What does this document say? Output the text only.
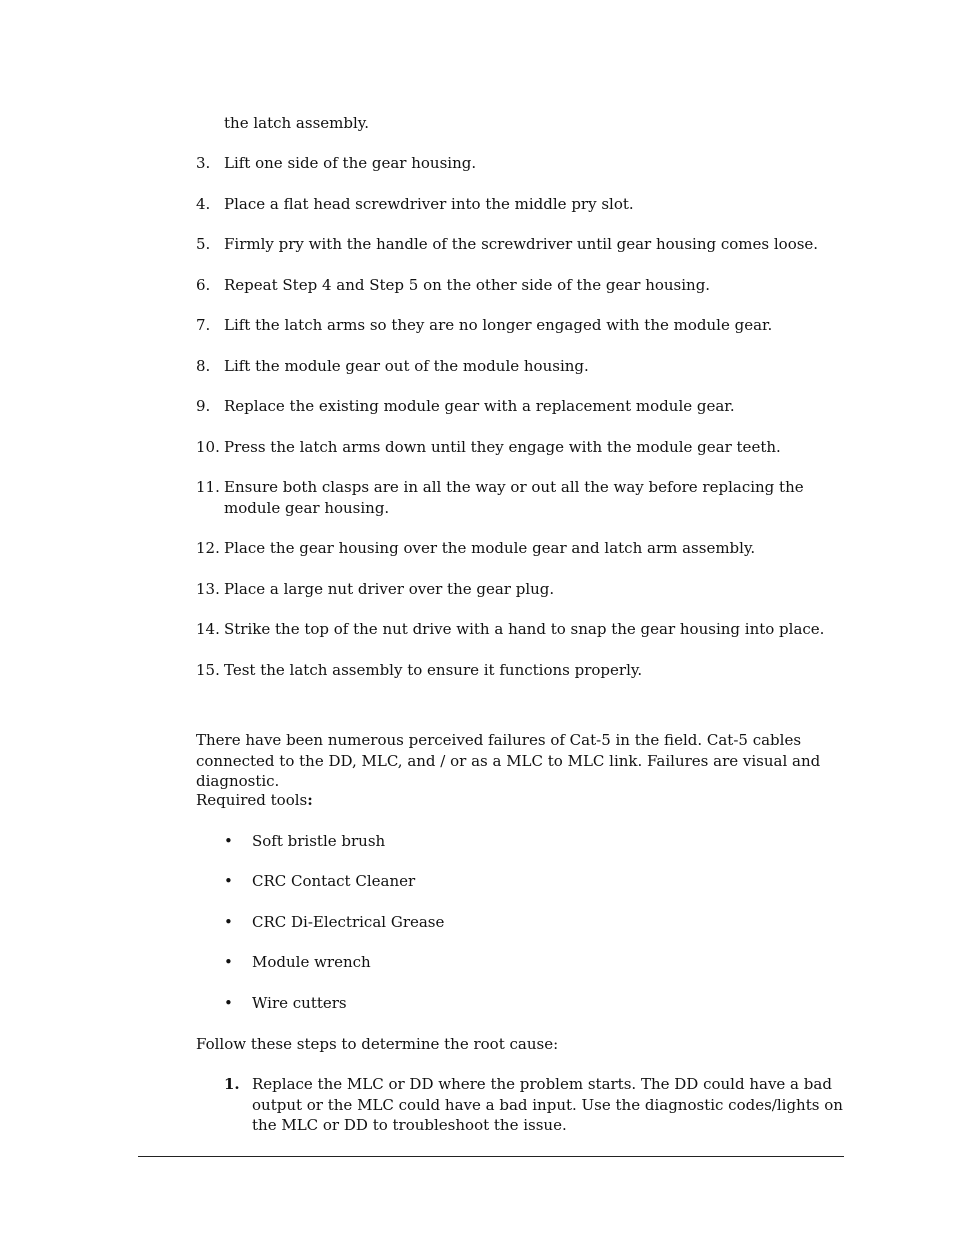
the latch assembly.
3. Lift one side of the gear housing.
4. Place a flat head screwdriver into the middle pry slot.
5. Firmly pry with the handle of the screwdriver until gear housing comes loose.
6. Repeat Step 4 and Step 5 on the other side of the gear housing.
7. Lift the latch arms so they are no longer engaged with the module gear.
8. Lift the module gear out of the module housing.
9. Replace the existing module gear with a replacement module gear.
10. Press the latch arms down until they engage with the module gear teeth.
11. Ensure both clasps are in all the way or out all the way before replacing the module gear housing.
12. Place the gear housing over the module gear and latch arm assembly.
13. Place a large nut driver over the gear plug.
14. Strike the top of the nut drive with a hand to snap the gear housing into place.
15. Test the latch assembly to ensure it functions properly.
There have been numerous perceived failures of Cat-5 in the field. Cat-5 cables connected to the DD, MLC, and / or as a MLC to MLC link. Failures are visual and diagnostic.
Required tools:
• Soft bristle brush
• CRC Contact Cleaner
• CRC Di-Electrical Grease
• Module wrench
• Wire cutters
Follow these steps to determine the root cause:
1. Replace the MLC or DD where the problem starts. The DD could have a bad output or the MLC could have a bad input. Use the diagnostic codes/lights on the MLC or DD to troubleshoot the issue.
